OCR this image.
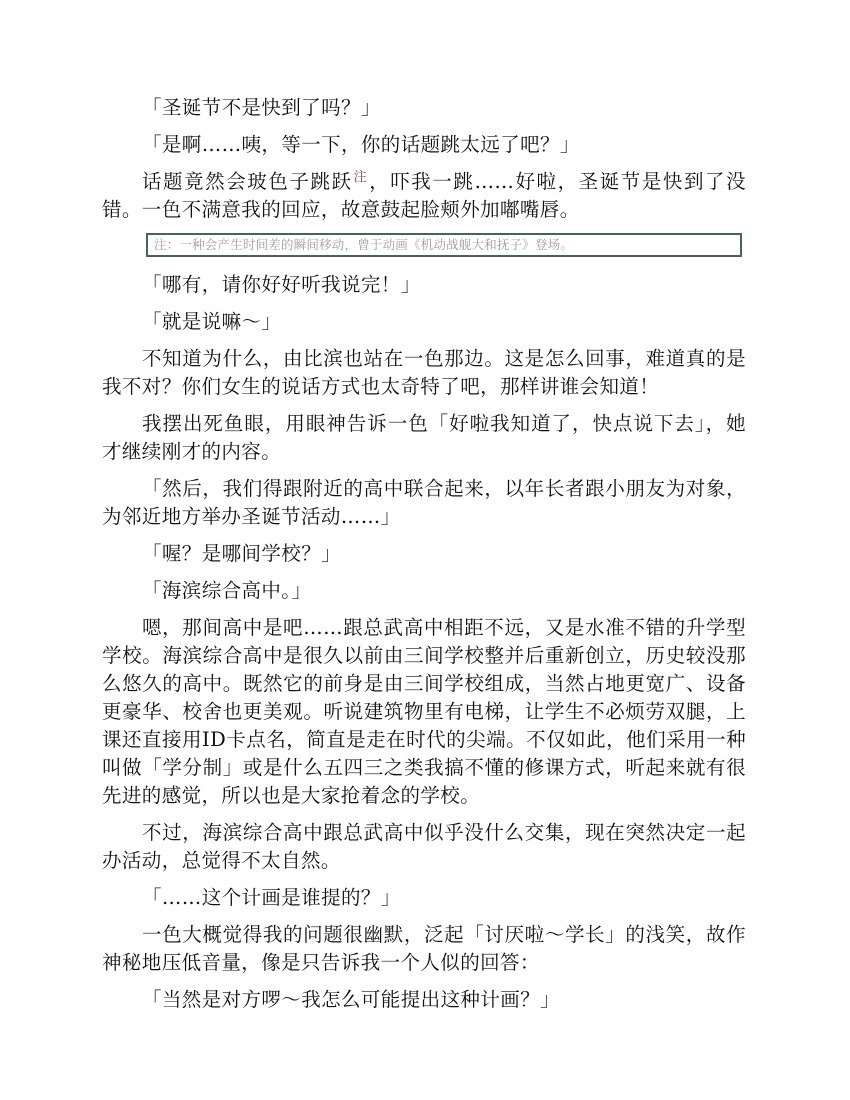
「圣诞节不是快到了吗？」

「是啊……咦，等一下，你的话题跳太远了吧？」

话题竟然会玻色子跳跃$^注$，吓我一跳……好啦，圣诞节是快到了没错。一色不满意我的回应，故意鼓起脸颊外加嘟嘴唇。

注：一种会产生时间差的瞬间移动，曾于动画《机动战舰大和抚子》登场。

「哪有，请你好好听我说完！」

「就是说嘛～」

不知道为什么，由比滨也站在一色那边。这是怎么回事，难道真的是我不对？你们女生的说话方式也太奇特了吧，那样讲谁会知道！

我摆出死鱼眼，用眼神告诉一色「好啦我知道了，快点说下去」，她才继续刚才的内容。

「然后，我们得跟附近的高中联合起来，以年长者跟小朋友为对象，为邻近地方举办圣诞节活动……」

「喔？是哪间学校？」

「海滨综合高中。」

嗯，那间高中是吧……跟总武高中相距不远，又是水准不错的升学型学校。海滨综合高中是很久以前由三间学校整并后重新创立，历史较没那么悠久的高中。既然它的前身是由三间学校组成，当然占地更宽广、设备更豪华、校舍也更美观。听说建筑物里有电梯，让学生不必烦劳双腿，上课还直接用ID卡点名，简直是走在时代的尖端。不仅如此，他们采用一种叫做「学分制」或是什么五四三之类我搞不懂的修课方式，听起来就有很先进的感觉，所以也是大家抢着念的学校。

不过，海滨综合高中跟总武高中似乎没什么交集，现在突然决定一起办活动，总觉得不太自然。

「……这个计画是谁提的？」

一色大概觉得我的问题很幽默，泛起「讨厌啦～学长」的浅笑，故作神秘地压低音量，像是只告诉我一个人似的回答：

「当然是对方啰～我怎么可能提出这种计画？」
